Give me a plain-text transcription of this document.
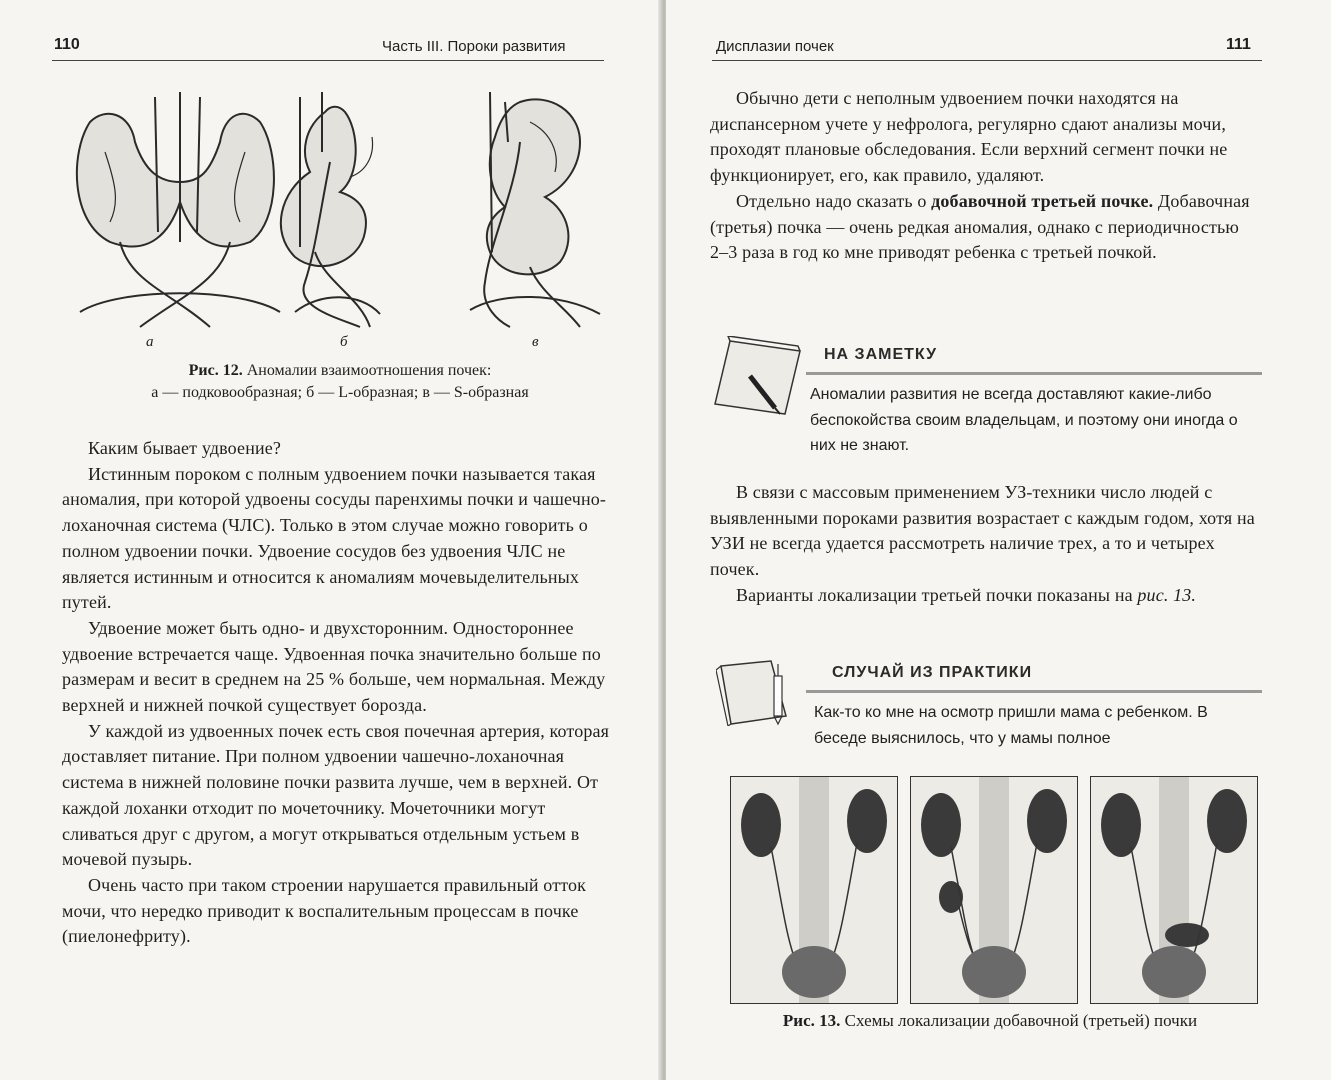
110	Часть III. Пороки развития
а	б	в
Рис. 12. Аномалии взаимоотношения почек:
а — подковообразная; б — L-образная; в — S-образная

Каким бывает удвоение?

Истинным пороком с полным удвоением почки называется такая аномалия, при которой удвоены сосуды паренхимы почки и чашечно-лоханочная система (ЧЛС). Только в этом случае можно говорить о полном удвоении почки. Удвоение сосудов без удвоения ЧЛС не является истинным и относится к аномалиям мочевыделительных путей.

Удвоение может быть одно- и двухсторонним. Одностороннее удвоение встречается чаще. Удвоенная почка значительно больше по размерам и весит в среднем на 25 % больше, чем нормальная. Между верхней и нижней почкой существует борозда.

У каждой из удвоенных почек есть своя почечная артерия, которая доставляет питание. При полном удвоении чашечно-лоханочная система в нижней половине почки развита лучше, чем в верхней. От каждой лоханки отходит по мочеточнику. Мочеточники могут сливаться друг с другом, а могут открываться отдельным устьем в мочевой пузырь.

Очень часто при таком строении нарушается правильный отток мочи, что нередко приводит к воспалительным процессам в почке (пиелонефриту).

Дисплазии почек	111

Обычно дети с неполным удвоением почки находятся на диспансерном учете у нефролога, регулярно сдают анализы мочи, проходят плановые обследования. Если верхний сегмент почки не функционирует, его, как правило, удаляют.

Отдельно надо сказать о добавочной третьей почке. Добавочная (третья) почка — очень редкая аномалия, однако с периодичностью 2–3 раза в год ко мне приводят ребенка с третьей почкой.

НА ЗАМЕТКУ
Аномалии развития не всегда доставляют какие-либо беспокойства своим владельцам, и поэтому они иногда о них не знают.

В связи с массовым применением УЗ-техники число людей с выявленными пороками развития возрастает с каждым годом, хотя на УЗИ не всегда удается рассмотреть наличие трех, а то и четырех почек.

Варианты локализации третьей почки показаны на рис. 13.

СЛУЧАЙ ИЗ ПРАКТИКИ
Как-то ко мне на осмотр пришли мама с ребенком. В беседе выяснилось, что у мамы полное
Рис. 13. Схемы локализации добавочной (третьей) почки
